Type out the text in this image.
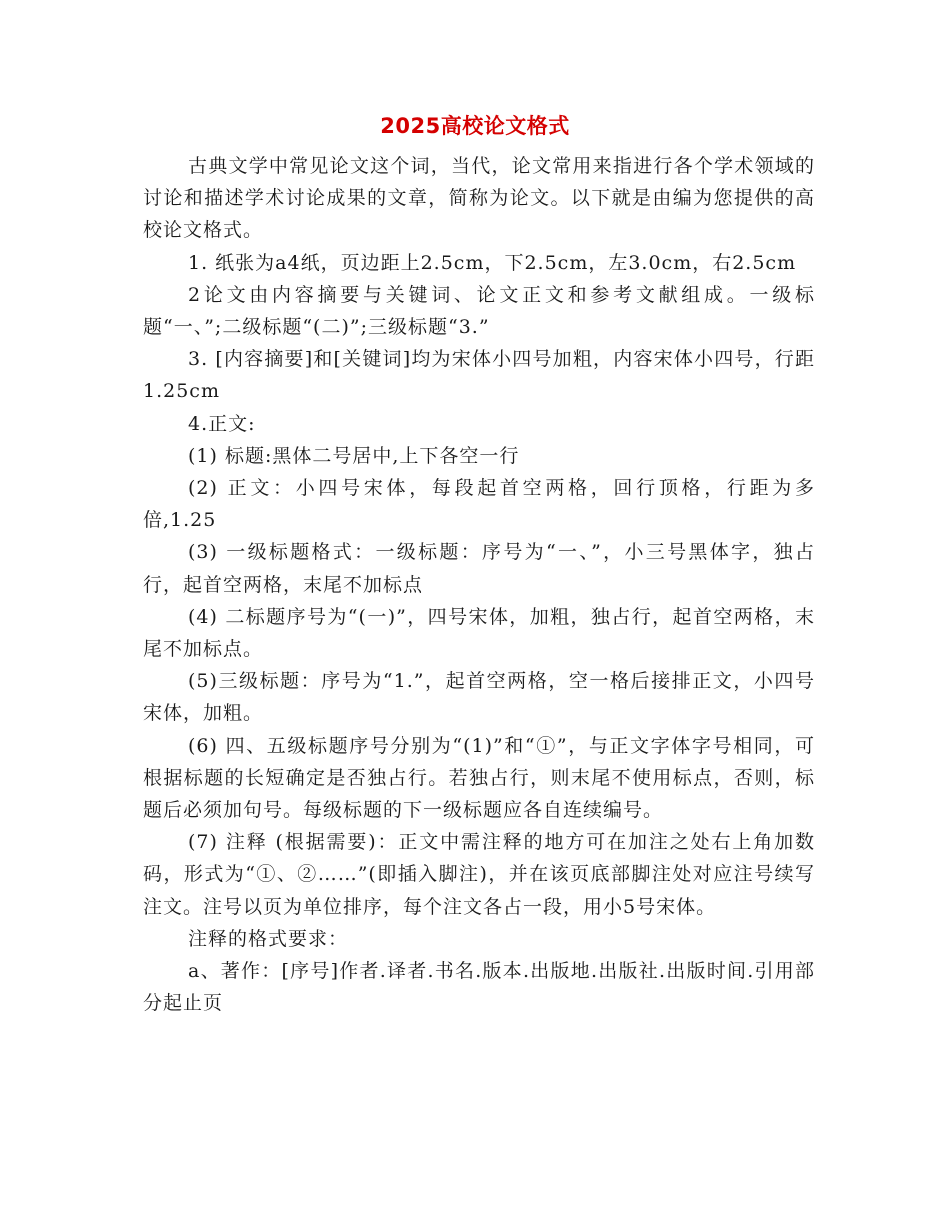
2025高校论文格式

古典文学中常见论文这个词，当代，论文常用来指进行各个学术领域的讨论和描述学术讨论成果的文章，简称为论文。以下就是由编为您提供的高校论文格式。

1. 纸张为a4纸，页边距上2.5cm，下2.5cm，左3.0cm，右2.5cm

2论文由内容摘要与关键词、论文正文和参考文献组成。一级标题“一、”;二级标题“(二)”;三级标题“3.”

3. [内容摘要]和[关键词]均为宋体小四号加粗，内容宋体小四号，行距1.25cm

4.正文:

(1) 标题:黑体二号居中,上下各空一行

(2) 正文：小四号宋体，每段起首空两格，回行顶格，行距为多倍,1.25

(3) 一级标题格式：一级标题：序号为“一、”，小三号黑体字，独占行，起首空两格，末尾不加标点

(4) 二标题序号为“(一)”，四号宋体，加粗，独占行，起首空两格，末尾不加标点。

(5)三级标题：序号为“1.”，起首空两格，空一格后接排正文，小四号宋体，加粗。

(6) 四、五级标题序号分别为“(1)”和“①”，与正文字体字号相同，可根据标题的长短确定是否独占行。若独占行，则末尾不使用标点，否则，标题后必须加句号。每级标题的下一级标题应各自连续编号。

(7) 注释 (根据需要)：正文中需注释的地方可在加注之处右上角加数码，形式为“①、②……”(即插入脚注)，并在该页底部脚注处对应注号续写注文。注号以页为单位排序，每个注文各占一段，用小5号宋体。

注释的格式要求：

a、著作：[序号]作者.译者.书名.版本.出版地.出版社.出版时间.引用部分起止页
